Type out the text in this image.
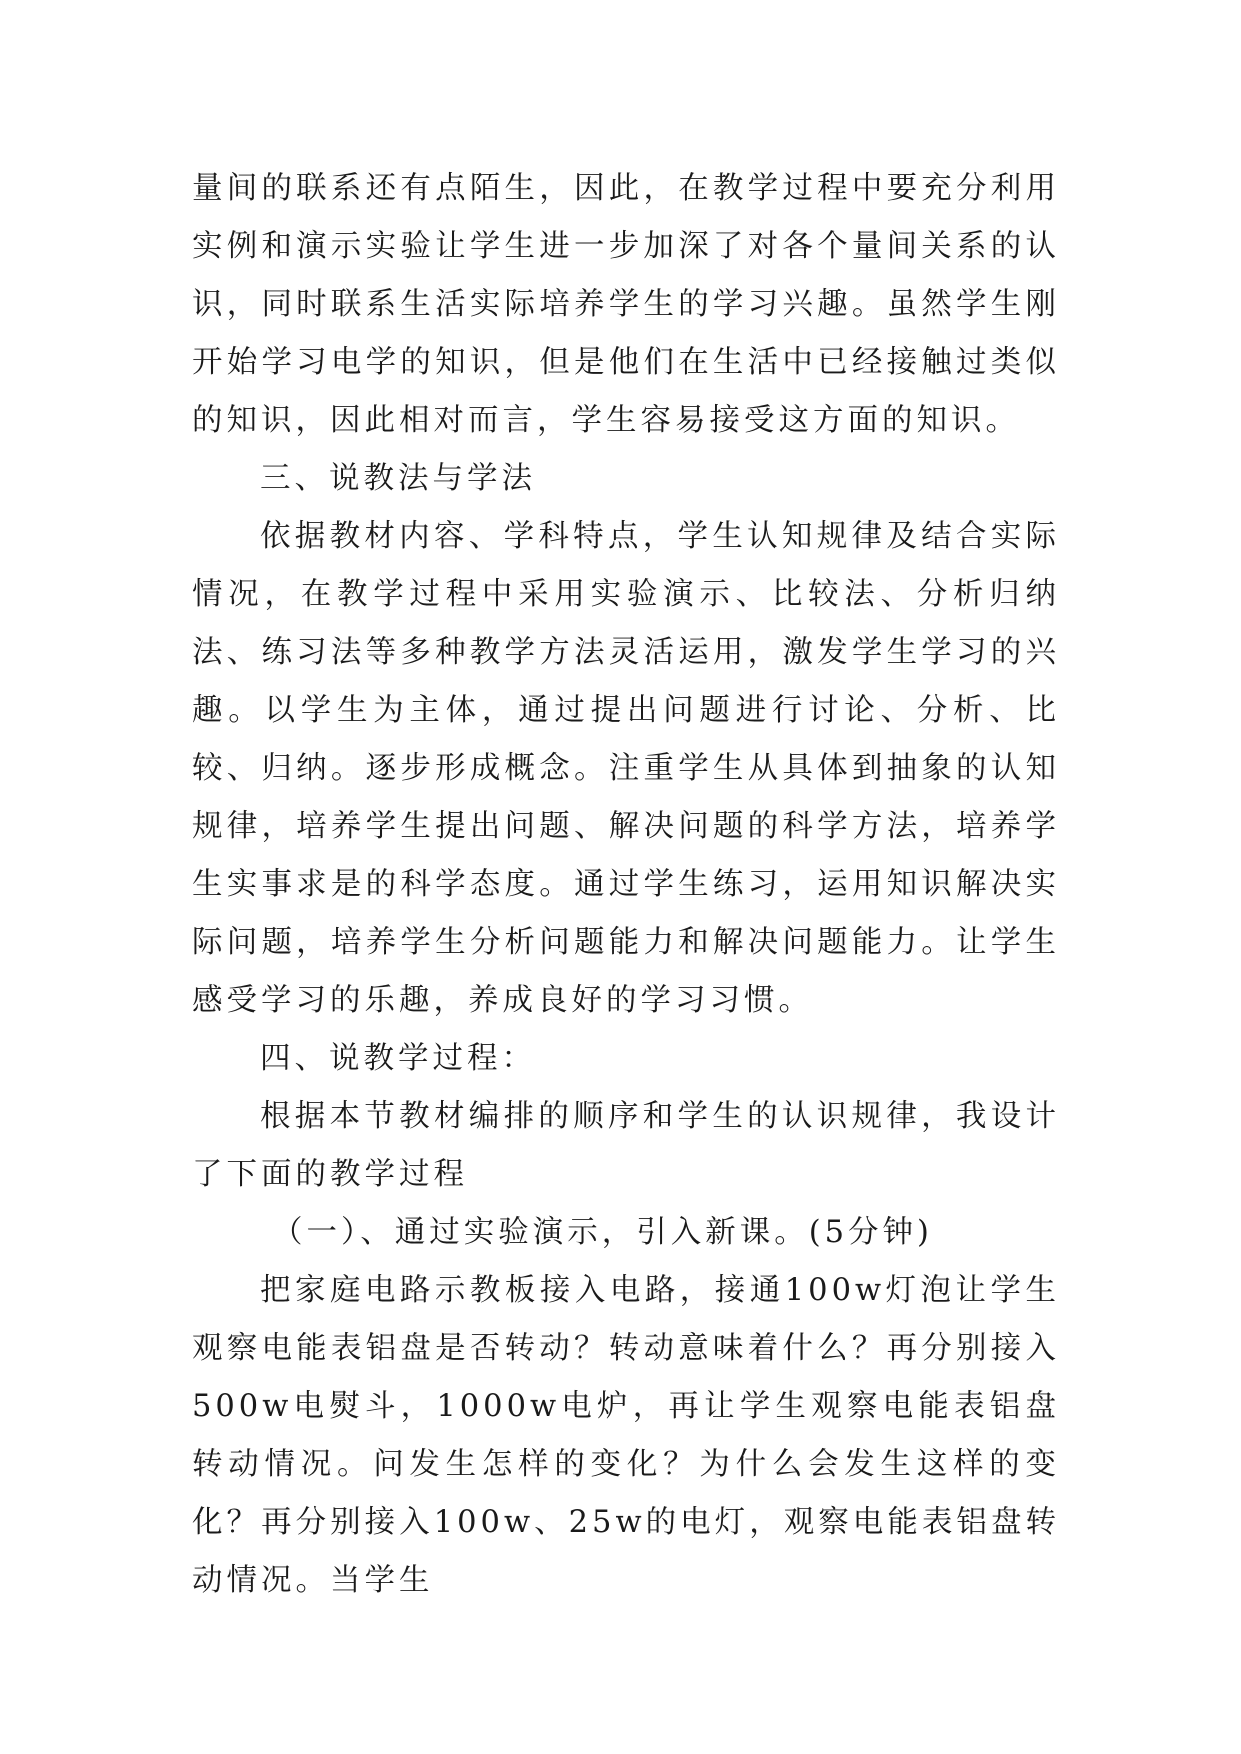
量间的联系还有点陌生，因此，在教学过程中要充分利用实例和演示实验让学生进一步加深了对各个量间关系的认识，同时联系生活实际培养学生的学习兴趣。虽然学生刚开始学习电学的知识，但是他们在生活中已经接触过类似的知识，因此相对而言，学生容易接受这方面的知识。

三、说教法与学法

依据教材内容、学科特点，学生认知规律及结合实际情况，在教学过程中采用实验演示、比较法、分析归纳法、练习法等多种教学方法灵活运用，激发学生学习的兴趣。以学生为主体，通过提出问题进行讨论、分析、比较、归纳。逐步形成概念。注重学生从具体到抽象的认知规律，培养学生提出问题、解决问题的科学方法，培养学生实事求是的科学态度。通过学生练习，运用知识解决实际问题，培养学生分析问题能力和解决问题能力。让学生感受学习的乐趣，养成良好的学习习惯。

四、说教学过程：

根据本节教材编排的顺序和学生的认识规律，我设计了下面的教学过程

（一）、通过实验演示，引入新课。(5分钟)

把家庭电路示教板接入电路，接通100w灯泡让学生观察电能表铝盘是否转动？转动意味着什么？再分别接入500w电熨斗，1000w电炉，再让学生观察电能表铝盘转动情况。问发生怎样的变化？为什么会发生这样的变化？再分别接入100w、25w的电灯，观察电能表铝盘转动情况。当学生
